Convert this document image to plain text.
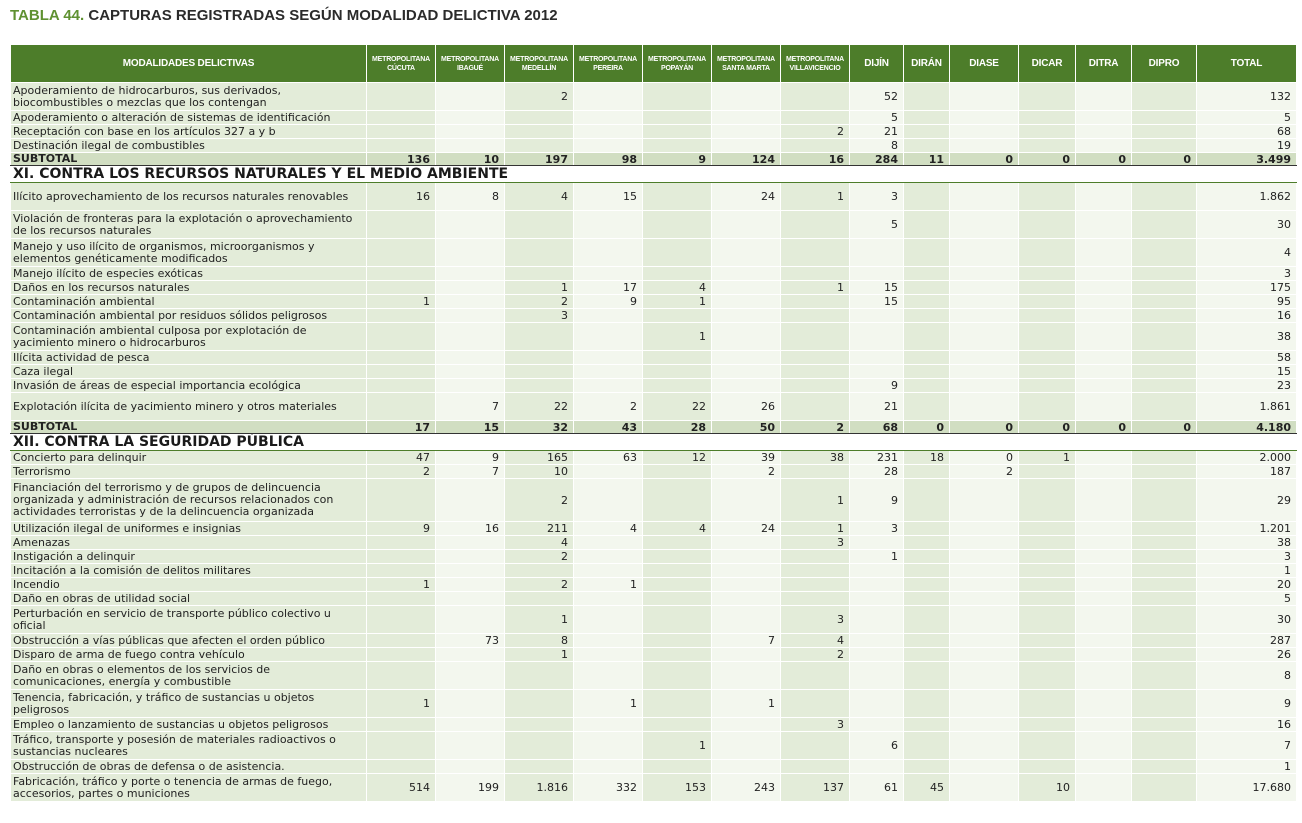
TABLA 44. CAPTURAS REGISTRADAS SEGÚN MODALIDAD DELICTIVA 2012
MODALIDADES DELICTIVAS	METROPOLITANA CÚCUTA	METROPOLITANA IBAGUÉ	METROPOLITANA MEDELLÍN	METROPOLITANA PEREIRA	METROPOLITANA POPAYÁN	METROPOLITANA SANTA MARTA	METROPOLITANA VILLAVICENCIO	DIJÍN	DIRÁN	DIASE	DICAR	DITRA	DIPRO	TOTAL
Apoderamiento de hidrocarburos, sus derivados, biocombustibles o mezclas que los contengan			2					52						132
Apoderamiento o alteración de sistemas de identificación								5						5
Receptación con base en los artículos 327 a y b							2	21						68
Destinación ilegal de combustibles								8						19
SUBTOTAL	136	10	197	98	9	124	16	284	11	0	0	0	0	3.499
XI. CONTRA LOS RECURSOS NATURALES Y EL MEDIO AMBIENTE														
Ilícito aprovechamiento de los recursos naturales renovables	16	8	4	15		24	1	3						1.862
Violación de fronteras para la explotación o aprovechamiento de los recursos naturales								5						30
Manejo y uso ilícito de organismos, microorganismos y elementos genéticamente modificados														4
Manejo ilícito de especies exóticas														3
Daños en los recursos naturales			1	17	4		1	15						175
Contaminación ambiental	1		2	9	1			15						95
Contaminación ambiental por residuos sólidos peligrosos			3											16
Contaminación ambiental culposa por explotación de yacimiento minero o hidrocarburos					1									38
Ilícita actividad de pesca														58
Caza ilegal														15
Invasión de áreas de especial importancia ecológica								9						23
Explotación ilícita de yacimiento minero y otros materiales		7	22	2	22	26		21						1.861
SUBTOTAL	17	15	32	43	28	50	2	68	0	0	0	0	0	4.180
XII. CONTRA LA SEGURIDAD PÚBLICA														
Concierto para delinquir	47	9	165	63	12	39	38	231	18	0	1			2.000
Terrorismo	2	7	10			2		28		2				187
Financiación del terrorismo y de grupos de delincuencia organizada y administración de recursos relacionados con actividades terroristas y de la delincuencia organizada			2				1	9						29
Utilización ilegal de uniformes e insignias	9	16	211	4	4	24	1	3						1.201
Amenazas			4				3							38
Instigación a delinquir			2					1						3
Incitación a la comisión de delitos militares														1
Incendio	1		2	1										20
Daño en obras de utilidad social														5
Perturbación en servicio de transporte público colectivo u oficial			1				3							30
Obstrucción a vías públicas que afecten el orden público		73	8			7	4							287
Disparo de arma de fuego contra vehículo			1				2							26
Daño en obras o elementos de los servicios de comunicaciones, energía y combustible														8
Tenencia, fabricación, y tráfico de sustancias u objetos peligrosos	1			1		1								9
Empleo o lanzamiento de sustancias u objetos peligrosos							3							16
Tráfico, transporte y posesión de materiales radioactivos o sustancias nucleares					1			6						7
Obstrucción de obras de defensa o de asistencia.														1
Fabricación, tráfico y porte o tenencia de armas de fuego, accesorios, partes o municiones	514	199	1.816	332	153	243	137	61	45		10			17.680
